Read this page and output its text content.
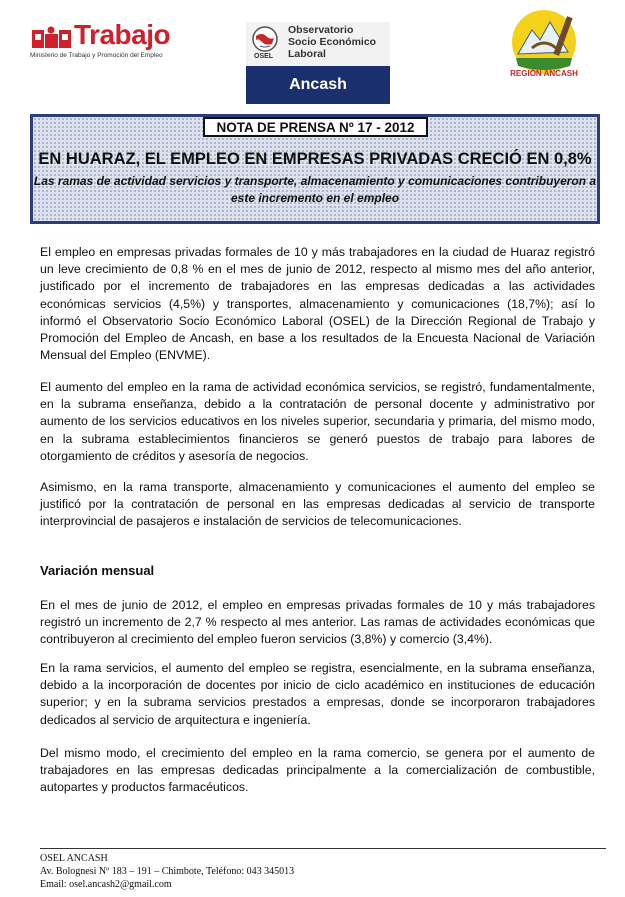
Trabajo
Ministerio de Trabajo y Promoción del Empleo	OSEL
Observatorio
Socio Económico
Laboral
Ancash
REGIÓN ANCASH
NOTA DE PRENSA Nº 17 - 2012
EN HUARAZ, EL EMPLEO EN EMPRESAS PRIVADAS CRECIÓ EN 0,8%
Las ramas de actividad servicios y transporte, almacenamiento y comunicaciones contribuyeron a este incremento en el empleo

El empleo en empresas privadas formales de 10 y más trabajadores en la ciudad de Huaraz registró un leve crecimiento de 0,8 % en el mes de junio de 2012, respecto al mismo mes del año anterior, justificado por el incremento de trabajadores en las empresas dedicadas a las actividades económicas servicios (4,5%) y transportes, almacenamiento y comunicaciones (18,7%); así lo informó el Observatorio Socio Económico Laboral (OSEL) de la Dirección Regional de Trabajo y Promoción del Empleo de Ancash, en base a los resultados de la Encuesta Nacional de Variación Mensual del Empleo (ENVME).

El aumento del empleo en la rama de actividad económica servicios, se registró, fundamentalmente, en la subrama enseñanza, debido a la contratación de personal docente y administrativo por aumento de los servicios educativos en los niveles superior, secundaria y primaria, del mismo modo, en la subrama establecimientos financieros se generó puestos de trabajo para labores de otorgamiento de créditos y asesoría de negocios.

Asimismo, en la rama transporte, almacenamiento y comunicaciones el aumento del empleo se justificó por la contratación de personal en las empresas dedicadas al servicio de transporte interprovincial de pasajeros e instalación de servicios de telecomunicaciones.

Variación mensual

En el mes de junio de 2012, el empleo en empresas privadas formales de 10 y más trabajadores registró un incremento de 2,7 % respecto al mes anterior. Las ramas de actividades económicas que contribuyeron al crecimiento del empleo fueron servicios (3,8%) y comercio (3,4%).

En la rama servicios, el aumento del empleo se registra, esencialmente, en la subrama enseñanza, debido a la incorporación de docentes por inicio de ciclo académico en instituciones de educación superior; y en la subrama servicios prestados a empresas, donde se incorporaron trabajadores dedicados al servicio de arquitectura e ingeniería.

Del mismo modo, el crecimiento del empleo en la rama comercio, se genera por el aumento de trabajadores en las empresas dedicadas principalmente a la comercialización de combustible, autopartes y productos farmacéuticos.

OSEL ANCASH
Av. Bolognesi Nº 183 – 191 – Chimbote, Teléfono: 043 345013
Email: osel.ancash2@gmail.com
